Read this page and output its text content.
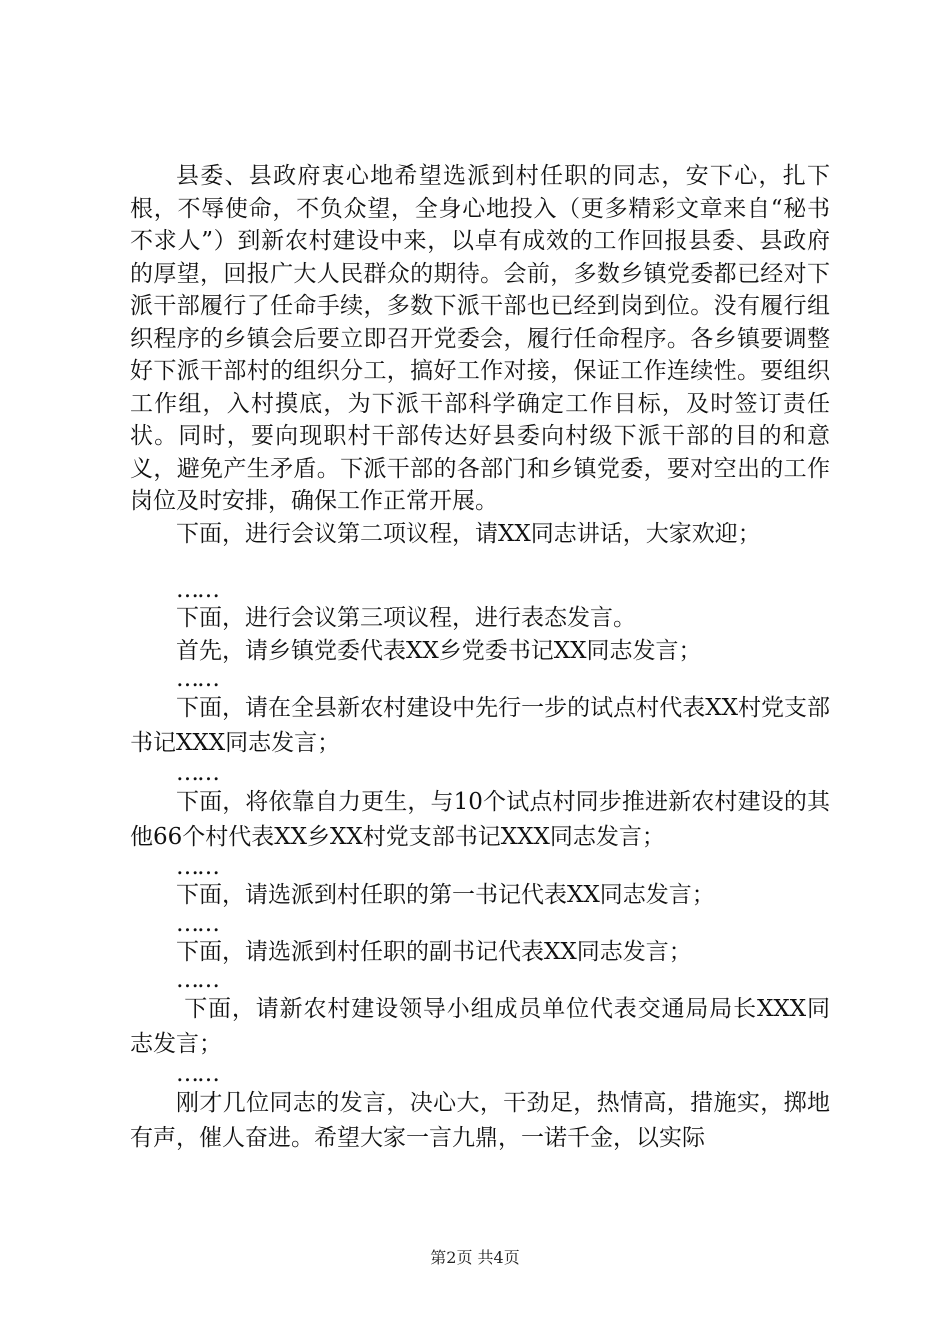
县委、县政府衷心地希望选派到村任职的同志，安下心，扎下根，不辱使命，不负众望，全身心地投入（更多精彩文章来自“秘书不求人”）到新农村建设中来，以卓有成效的工作回报县委、县政府的厚望，回报广大人民群众的期待。会前，多数乡镇党委都已经对下派干部履行了任命手续，多数下派干部也已经到岗到位。没有履行组织程序的乡镇会后要立即召开党委会，履行任命程序。各乡镇要调整好下派干部村的组织分工，搞好工作对接，保证工作连续性。要组织工作组，入村摸底，为下派干部科学确定工作目标，及时签订责任状。同时，要向现职村干部传达好县委向村级下派干部的目的和意义，避免产生矛盾。下派干部的各部门和乡镇党委，要对空出的工作岗位及时安排，确保工作正常开展。

下面，进行会议第二项议程，请XX同志讲话，大家欢迎；

……

下面，进行会议第三项议程，进行表态发言。

首先，请乡镇党委代表XX乡党委书记XX同志发言；

……

下面，请在全县新农村建设中先行一步的试点村代表XX村党支部书记XXX同志发言；

……

下面，将依靠自力更生，与10个试点村同步推进新农村建设的其他66个村代表XX乡XX村党支部书记XXX同志发言；

……

下面，请选派到村任职的第一书记代表XX同志发言；

……

下面，请选派到村任职的副书记代表XX同志发言；

……

下面，请新农村建设领导小组成员单位代表交通局局长XXX同志发言；

……

刚才几位同志的发言，决心大，干劲足，热情高，措施实，掷地有声，催人奋进。希望大家一言九鼎，一诺千金，以实际

第2页 共4页
